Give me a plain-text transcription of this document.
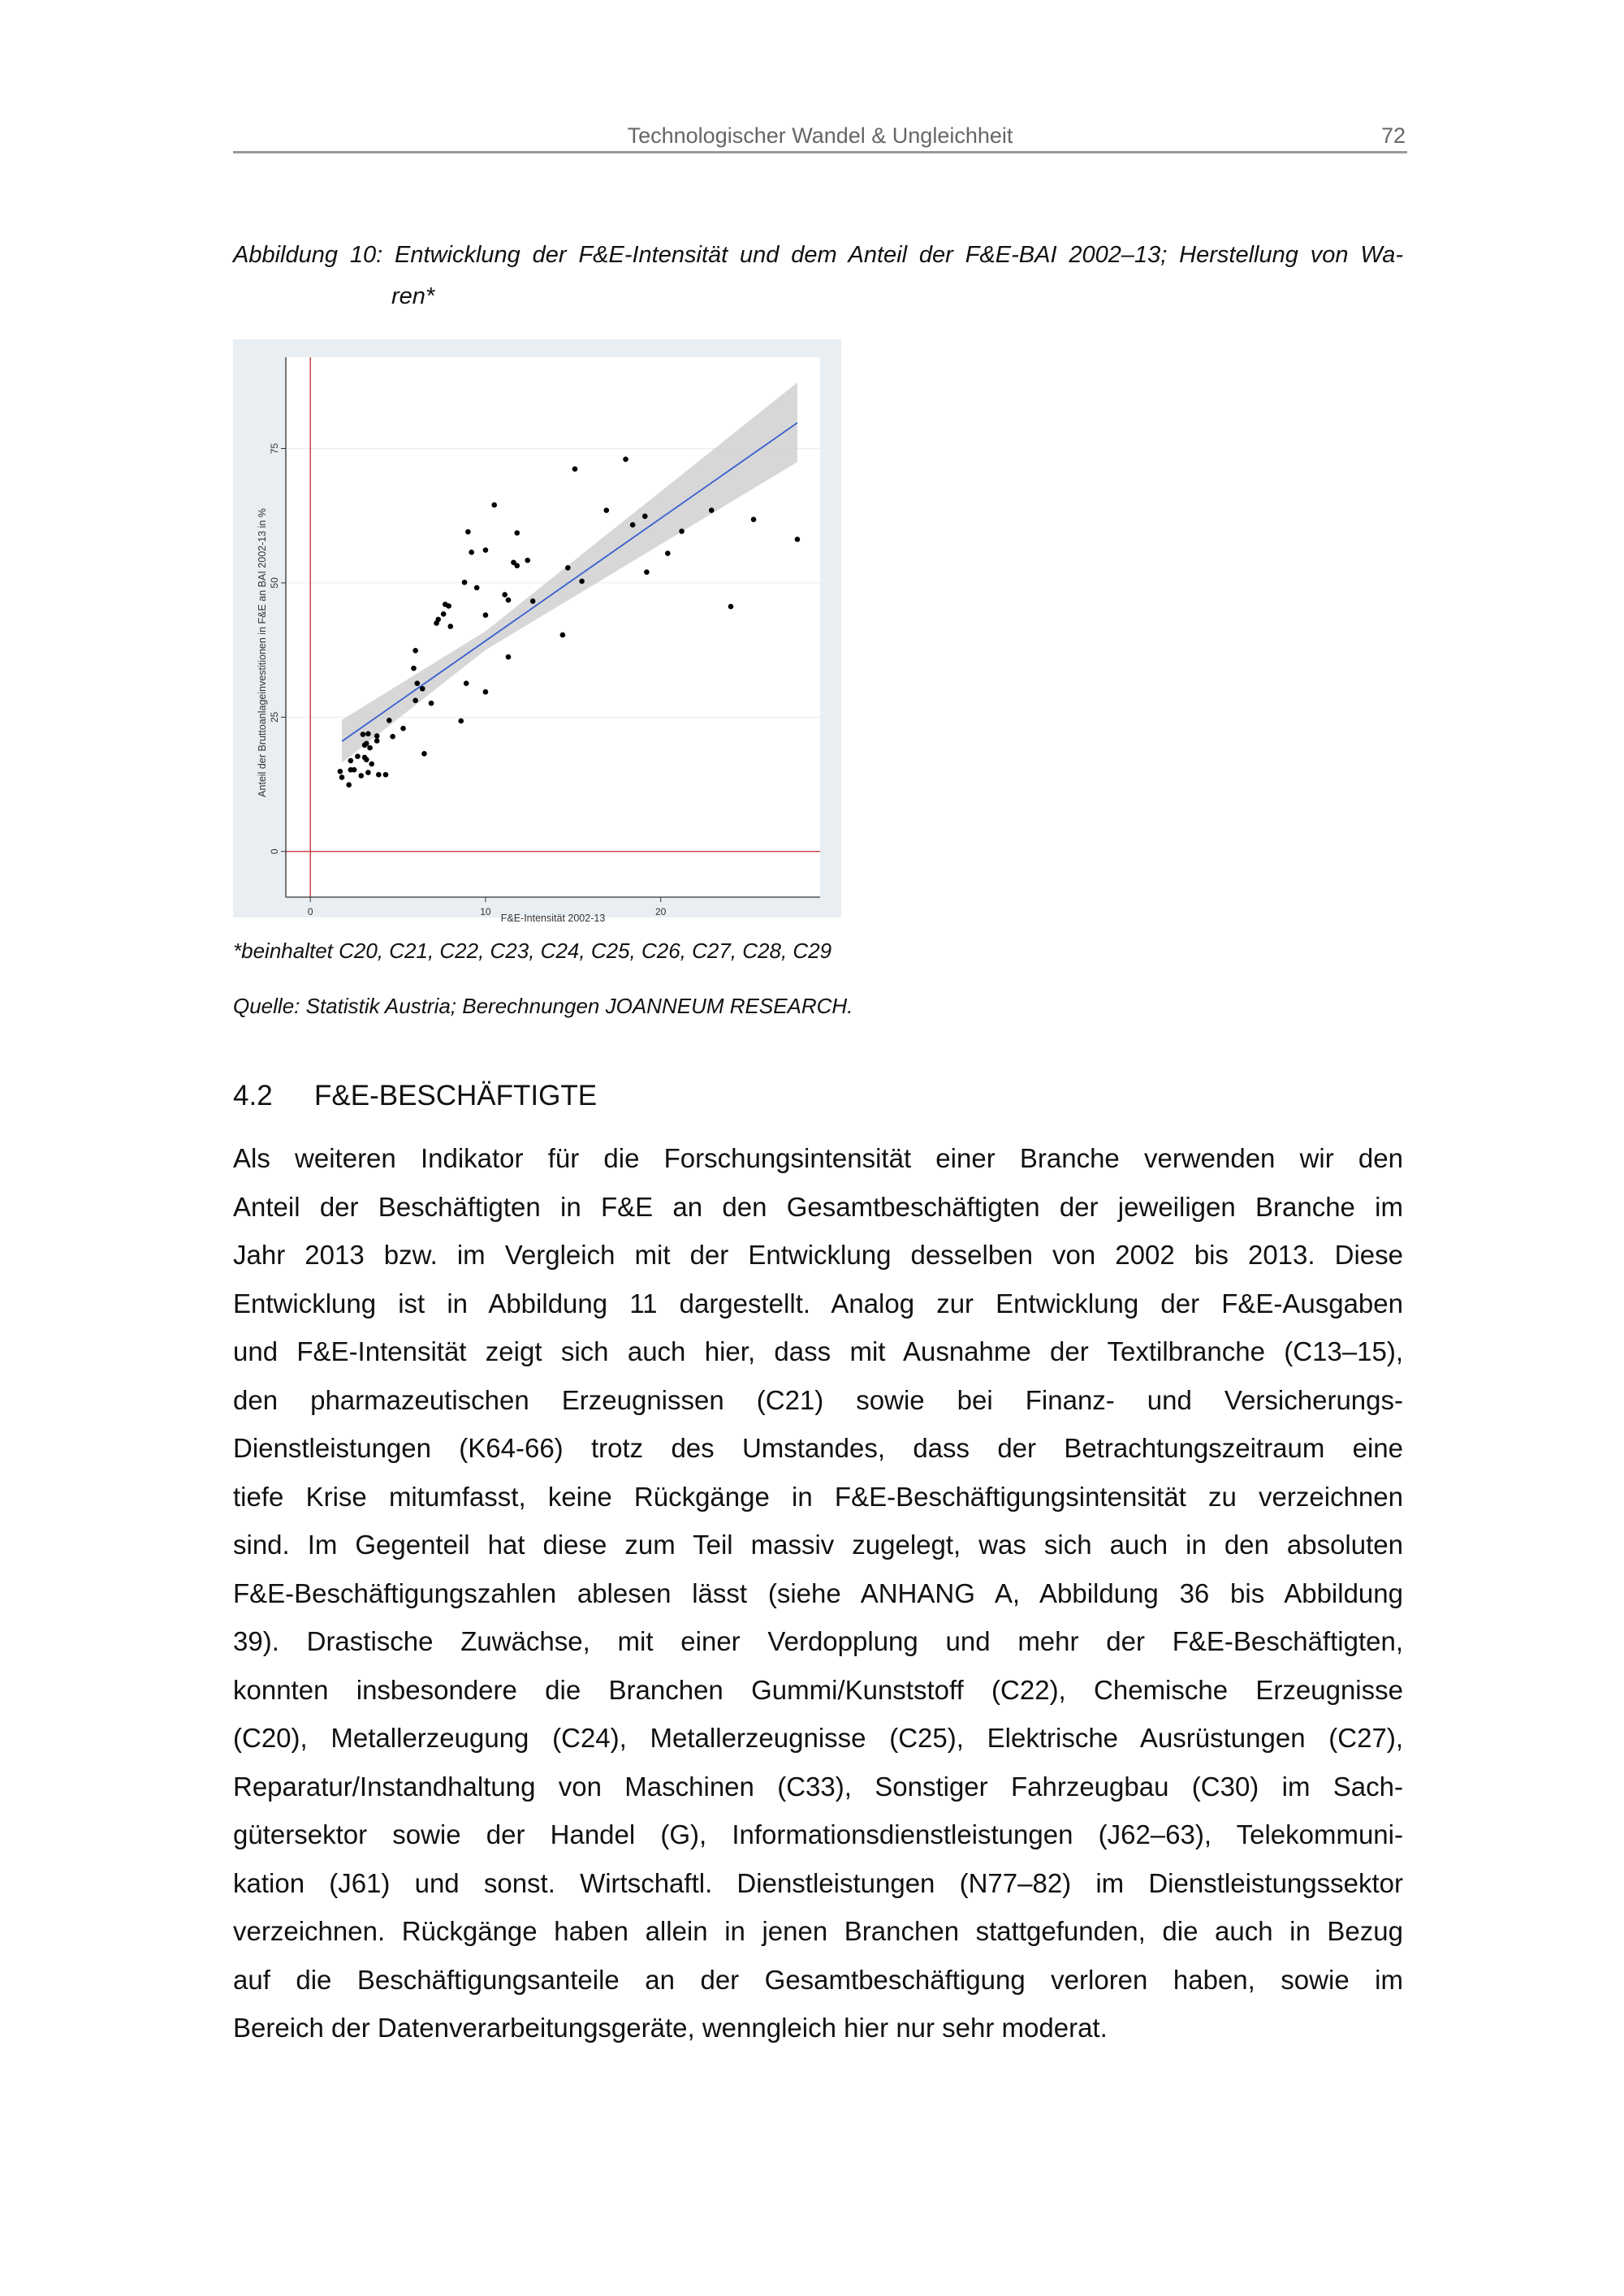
Technologischer Wandel & Ungleichheit	72
Abbildung 10: Entwicklung der F&E-Intensität und dem Anteil der F&E-BAI 2002–13; Herstellung von Wa-
ren*
0
25
50
75
0	10	20
F&E-Intensität 2002-13
Anteil der Bruttoanlageinvestitionen in F&E an BAI 2002-13 in %
*beinhaltet C20, C21, C22, C23, C24, C25, C26, C27, C28, C29
Quelle: Statistik Austria; Berechnungen JOANNEUM RESEARCH.
4.2 F&E-BESCHÄFTIGTE
Als weiteren Indikator für die Forschungsintensität einer Branche verwenden wir den
Anteil der Beschäftigten in F&E an den Gesamtbeschäftigten der jeweiligen Branche im
Jahr 2013 bzw. im Vergleich mit der Entwicklung desselben von 2002 bis 2013. Diese
Entwicklung ist in Abbildung 11 dargestellt. Analog zur Entwicklung der F&E-Ausgaben
und F&E-Intensität zeigt sich auch hier, dass mit Ausnahme der Textilbranche (C13–15),
den pharmazeutischen Erzeugnissen (C21) sowie bei Finanz- und Versicherungs-
Dienstleistungen (K64-66) trotz des Umstandes, dass der Betrachtungszeitraum eine
tiefe Krise mitumfasst, keine Rückgänge in F&E-Beschäftigungsintensität zu verzeichnen
sind. Im Gegenteil hat diese zum Teil massiv zugelegt, was sich auch in den absoluten
F&E-Beschäftigungszahlen ablesen lässt (siehe ANHANG A, Abbildung 36 bis Abbildung
39). Drastische Zuwächse, mit einer Verdopplung und mehr der F&E-Beschäftigten,
konnten insbesondere die Branchen Gummi/Kunststoff (C22), Chemische Erzeugnisse
(C20), Metallerzeugung (C24), Metallerzeugnisse (C25), Elektrische Ausrüstungen (C27),
Reparatur/Instandhaltung von Maschinen (C33), Sonstiger Fahrzeugbau (C30) im Sach-
gütersektor sowie der Handel (G), Informationsdienstleistungen (J62–63), Telekommuni-
kation (J61) und sonst. Wirtschaftl. Dienstleistungen (N77–82) im Dienstleistungssektor
verzeichnen. Rückgänge haben allein in jenen Branchen stattgefunden, die auch in Bezug
auf die Beschäftigungsanteile an der Gesamtbeschäftigung verloren haben, sowie im
Bereich der Datenverarbeitungsgeräte, wenngleich hier nur sehr moderat.
